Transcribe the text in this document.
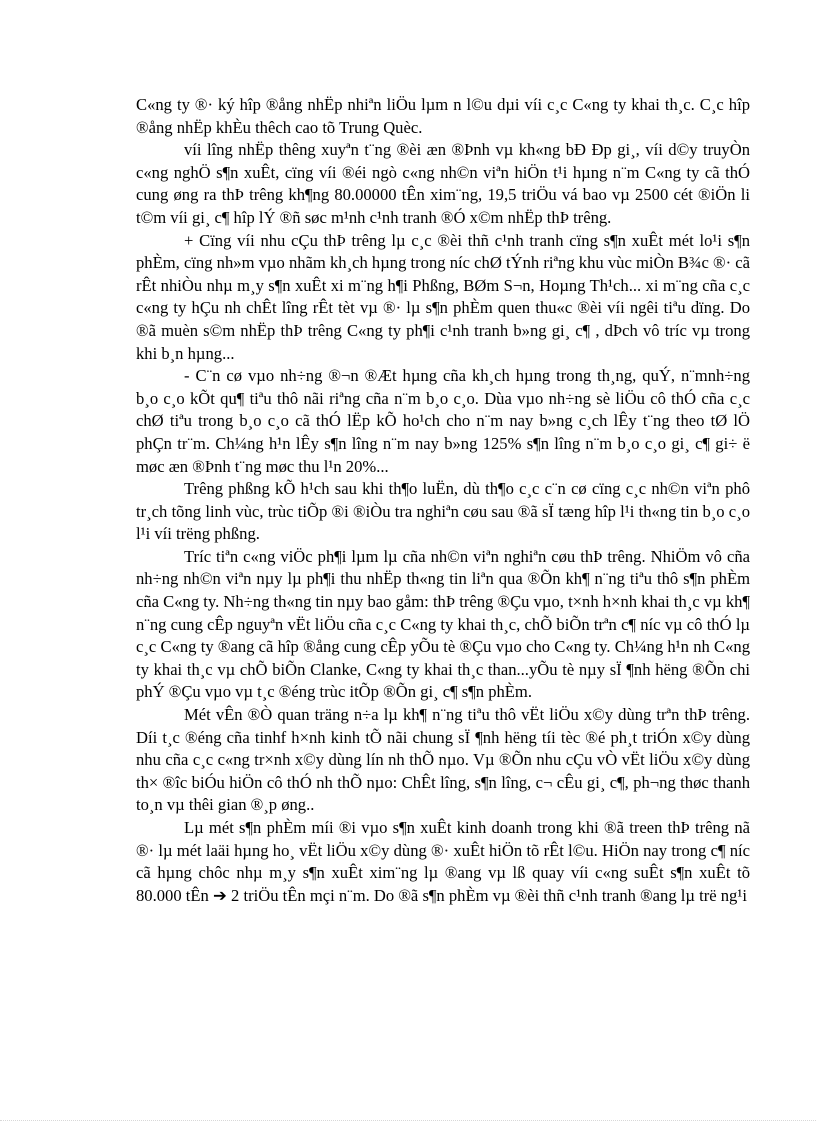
C«ng ty ®· ký hîp ®ång nhËp nhiªn liÖu lµm n l©u dµi víi c¸c C«ng ty khai th¸c. C¸c hîp ®ång nhËp khÈu thêch cao tõ Trung Quèc.

víi lîng nhËp thêng xuyªn t¨ng ®èi æn ®Þnh vµ kh«ng bÐ Ðp gi¸, víi d©y truyÒn c«ng nghÖ s¶n xuÊt, cïng víi ®éi ngò c«ng nh©n viªn hiÖn t¹i hµng n¨m C«ng ty cã thÓ cung øng ra thÞ trêng kh¶ng 80.00000 tÊn xim¨ng, 19,5 triÖu vá bao vµ 2500 cét ®iÖn li t©m víi gi¸ c¶ hîp lÝ ®ñ søc m¹nh c¹nh tranh ®Ó x©m nhËp thÞ trêng.

+ Cïng víi nhu cÇu thÞ trêng lµ c¸c ®èi thñ c¹nh tranh cïng s¶n xuÊt mét lo¹i s¶n phÈm, cïng nh»m vµo nhãm kh¸ch hµng trong níc chØ tÝnh riªng khu vùc miÒn B¾c ®· cã rÊt nhiÒu nhµ m¸y s¶n xuÊt xi m¨ng h¶i Phßng, BØm S¬n, Hoµng Th¹ch... xi m¨ng cña c¸c c«ng ty hÇu nh chÊt lîng rÊt tèt vµ ®· lµ s¶n phÈm quen thu«c ®èi víi ngêi tiªu dïng. Do ®ã muèn s©m nhËp thÞ trêng C«ng ty ph¶i c¹nh tranh b»ng gi¸ c¶ , dÞch vô tríc vµ trong khi b¸n hµng...

- C¨n cø vµo nh÷ng ®¬n ®Æt hµng cña kh¸ch hµng trong th¸ng, quÝ, n¨mnh÷ng b¸o c¸o kÕt qu¶ tiªu thô nãi riªng cña n¨m b¸o c¸o. Dùa vµo nh÷ng sè liÖu cô thÓ cña c¸c chØ tiªu trong b¸o c¸o cã thÓ lËp kÕ ho¹ch cho n¨m nay b»ng c¸ch lÊy t¨ng theo tØ lÖ phÇn tr¨m. Ch¼ng h¹n lÊy s¶n lîng n¨m nay b»ng 125% s¶n lîng n¨m b¸o c¸o gi¸ c¶ gi÷ ë møc æn ®Þnh t¨ng møc thu l¹n 20%...

Trêng phßng kÕ h¹ch sau khi th¶o luËn, dù th¶o c¸c c¨n cø cïng c¸c nh©n viªn phô tr¸ch tõng linh vùc, trùc tiÕp ®i ®iÒu tra nghiªn cøu sau ®ã sÏ tæng hîp l¹i th«ng tin b¸o c¸o l¹i víi trëng phßng.

Tríc tiªn c«ng viÖc ph¶i lµm lµ cña nh©n viªn nghiªn cøu thÞ trêng. NhiÖm vô cña nh÷ng nh©n viªn nµy lµ ph¶i thu nhËp th«ng tin liªn qua ®Õn kh¶ n¨ng tiªu thô s¶n phÈm cña C«ng ty. Nh÷ng th«ng tin nµy bao gåm: thÞ trêng ®Çu vµo, t×nh h×nh khai th¸c vµ kh¶ n¨ng cung cÊp nguyªn vËt liÖu cña c¸c C«ng ty khai th¸c, chÕ biÕn trªn c¶ níc vµ cô thÓ lµ c¸c C«ng ty ®ang cã hîp ®ång cung cÊp yÕu tè ®Çu vµo cho C«ng ty. Ch¼ng h¹n nh C«ng ty khai th¸c vµ chÕ biÕn Clanke, C«ng ty khai th¸c than...yÕu tè nµy sÏ ¶nh hëng ®Õn chi phÝ ®Çu vµo vµ t¸c ®éng trùc itÕp ®Õn gi¸ c¶ s¶n phÈm.

Mét vÊn ®Ò quan träng n÷a lµ kh¶ n¨ng tiªu thô vËt liÖu x©y dùng trªn thÞ trêng. Díi t¸c ®éng cña tinhf h×nh kinh tÕ nãi chung sÏ ¶nh hëng tíi tèc ®é ph¸t triÓn x©y dùng nhu cña c¸c c«ng tr×nh x©y dùng lín nh thÕ nµo. Vµ ®Õn nhu cÇu vÒ vËt liÖu x©y dùng th× ®îc biÓu hiÖn cô thÓ nh thÕ nµo: ChÊt lîng, s¶n lîng, c¬ cÊu gi¸ c¶, ph¬ng thøc thanh to¸n vµ thêi gian ®¸p øng..

Lµ mét s¶n phÈm míi ®i vµo s¶n xuÊt kinh doanh trong khi ®ã treen thÞ trêng nã ®· lµ mét laäi hµng ho¸ vËt liÖu x©y dùng ®· xuÊt hiÖn tõ rÊt l©u. HiÖn nay trong c¶ níc cã hµng chôc nhµ m¸y s¶n xuÊt xim¨ng lµ ®ang vµ lß quay víi c«ng suÊt s¶n xuÊt tõ 80.000 tÊn ➔ 2 triÖu tÊn mçi n¨m. Do ®ã s¶n phÈm vµ ®èi thñ c¹nh tranh ®ang lµ trë ng¹i
